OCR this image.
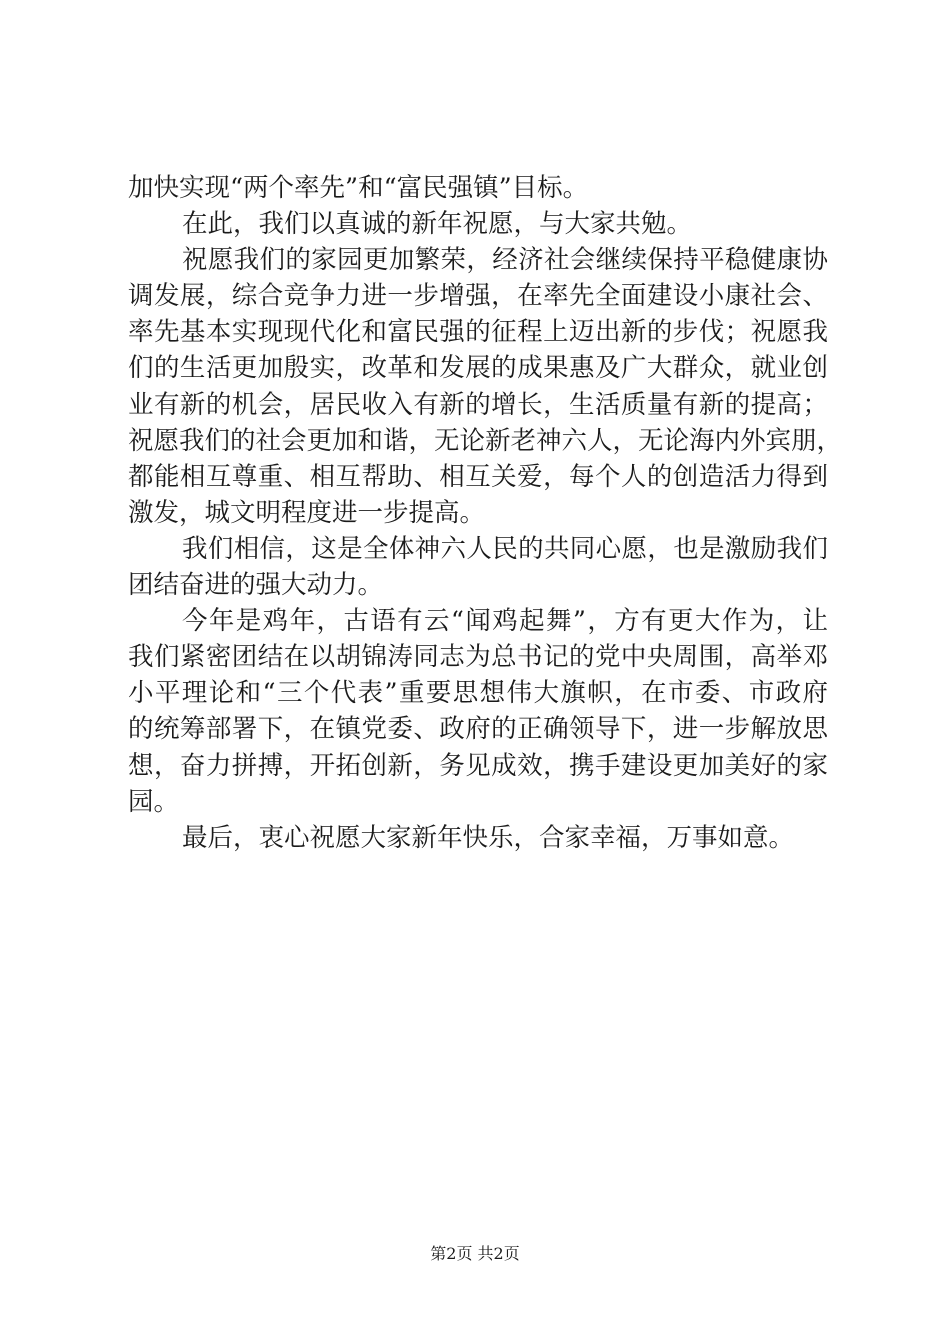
加快实现“两个率先”和“富民强镇”目标。
在此，我们以真诚的新年祝愿，与大家共勉。
祝愿我们的家园更加繁荣，经济社会继续保持平稳健康协
调发展，综合竞争力进一步增强，在率先全面建设小康社会、
率先基本实现现代化和富民强的征程上迈出新的步伐；祝愿我
们的生活更加殷实，改革和发展的成果惠及广大群众，就业创
业有新的机会，居民收入有新的增长，生活质量有新的提高；
祝愿我们的社会更加和谐，无论新老神六人，无论海内外宾朋，
都能相互尊重、相互帮助、相互关爱，每个人的创造活力得到
激发，城文明程度进一步提高。
我们相信，这是全体神六人民的共同心愿，也是激励我们
团结奋进的强大动力。
今年是鸡年，古语有云“闻鸡起舞”，方有更大作为，让
我们紧密团结在以胡锦涛同志为总书记的党中央周围，高举邓
小平理论和“三个代表”重要思想伟大旗帜，在市委、市政府
的统筹部署下，在镇党委、政府的正确领导下，进一步解放思
想，奋力拼搏，开拓创新，务见成效，携手建设更加美好的家
园。
最后，衷心祝愿大家新年快乐，合家幸福，万事如意。
第2页 共2页
